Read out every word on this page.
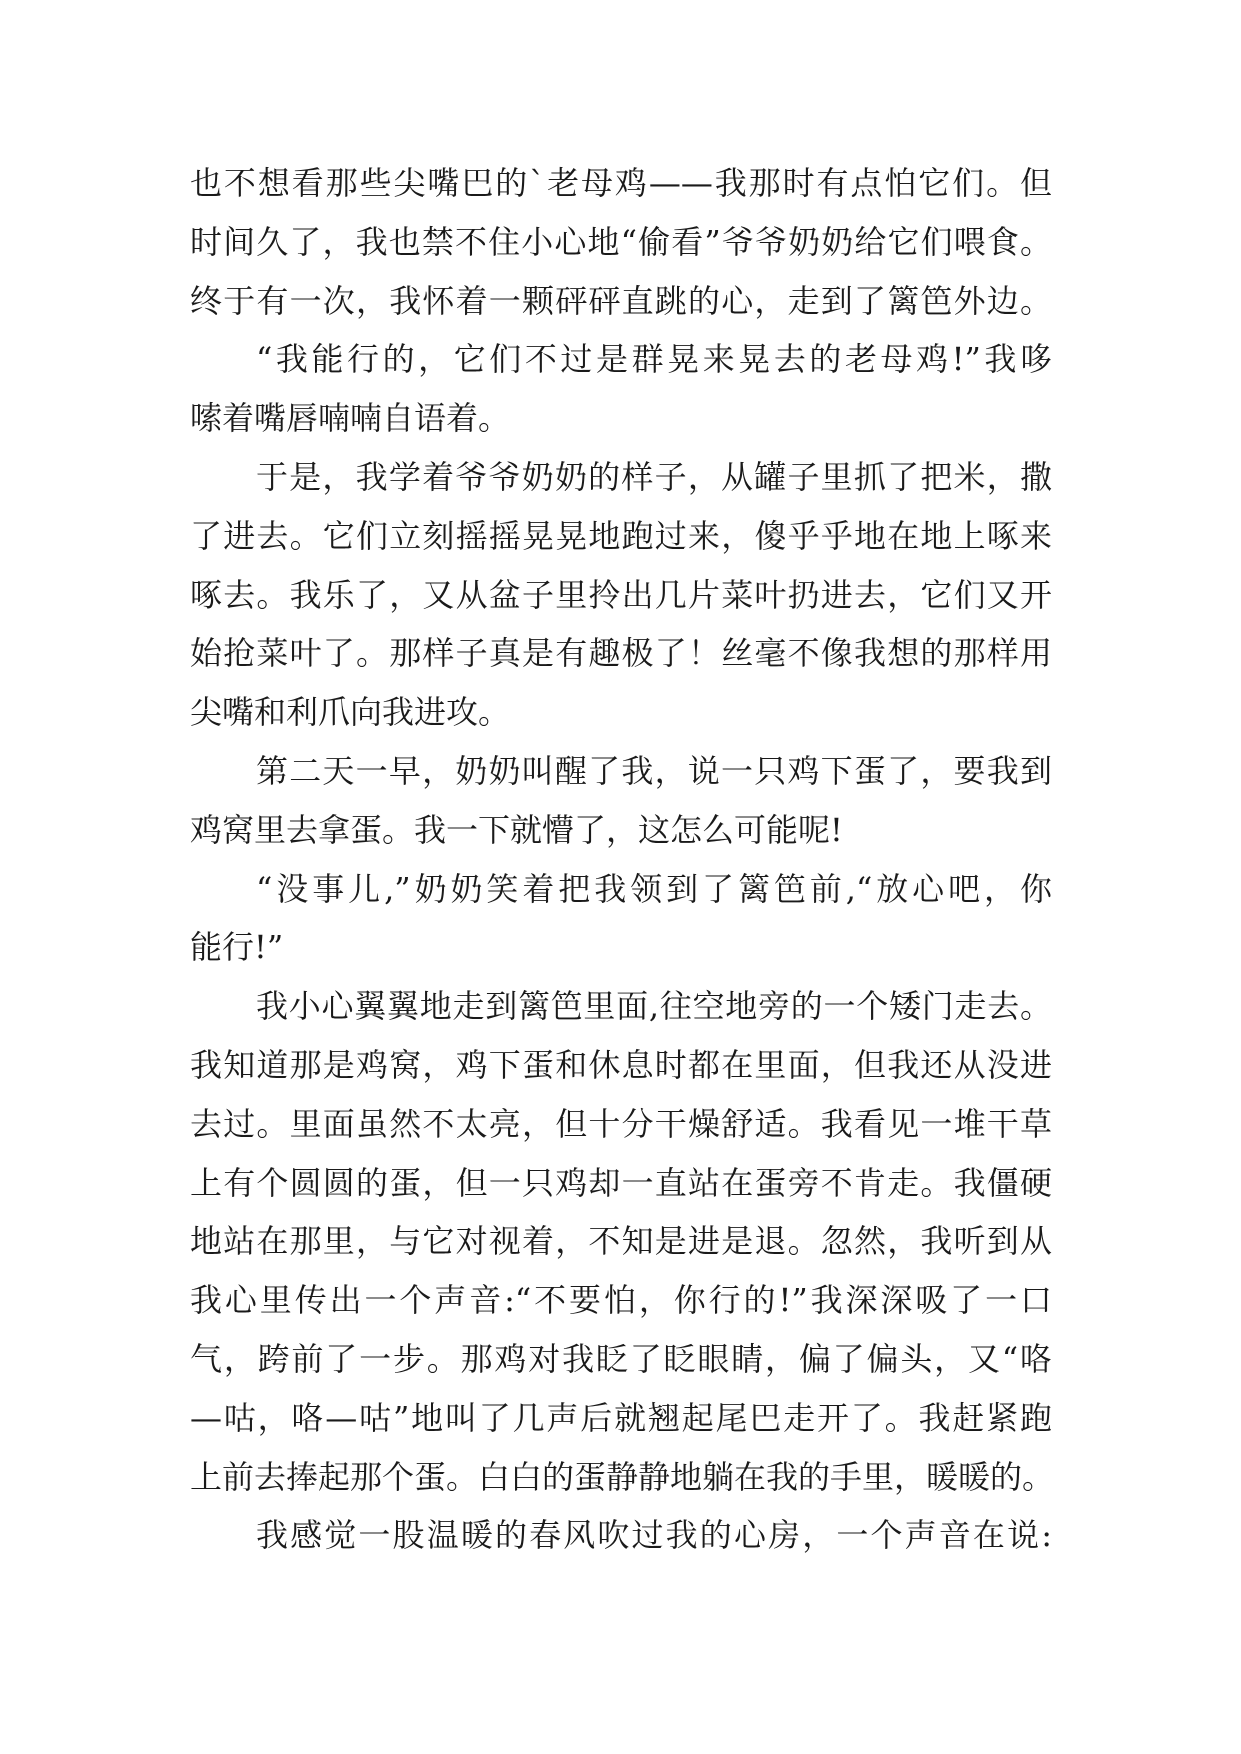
也不想看那些尖嘴巴的`老母鸡——我那时有点怕它们。但
时间久了，我也禁不住小心地“偷看”爷爷奶奶给它们喂食。
终于有一次，我怀着一颗砰砰直跳的心，走到了篱笆外边。
“我能行的，它们不过是群晃来晃去的老母鸡!”我哆
嗦着嘴唇喃喃自语着。
于是，我学着爷爷奶奶的样子，从罐子里抓了把米，撒
了进去。它们立刻摇摇晃晃地跑过来，傻乎乎地在地上啄来
啄去。我乐了，又从盆子里拎出几片菜叶扔进去，它们又开
始抢菜叶了。那样子真是有趣极了！丝毫不像我想的那样用
尖嘴和利爪向我进攻。
第二天一早，奶奶叫醒了我，说一只鸡下蛋了，要我到
鸡窝里去拿蛋。我一下就懵了，这怎么可能呢!
“没事儿,”奶奶笑着把我领到了篱笆前,“放心吧，你
能行!”
我小心翼翼地走到篱笆里面,往空地旁的一个矮门走去。
我知道那是鸡窝，鸡下蛋和休息时都在里面，但我还从没进
去过。里面虽然不太亮，但十分干燥舒适。我看见一堆干草
上有个圆圆的蛋，但一只鸡却一直站在蛋旁不肯走。我僵硬
地站在那里，与它对视着，不知是进是退。忽然，我听到从
我心里传出一个声音:“不要怕，你行的!”我深深吸了一口
气，跨前了一步。那鸡对我眨了眨眼睛，偏了偏头，又“咯
—咕，咯—咕”地叫了几声后就翘起尾巴走开了。我赶紧跑
上前去捧起那个蛋。白白的蛋静静地躺在我的手里，暖暖的。
我感觉一股温暖的春风吹过我的心房，一个声音在说:
